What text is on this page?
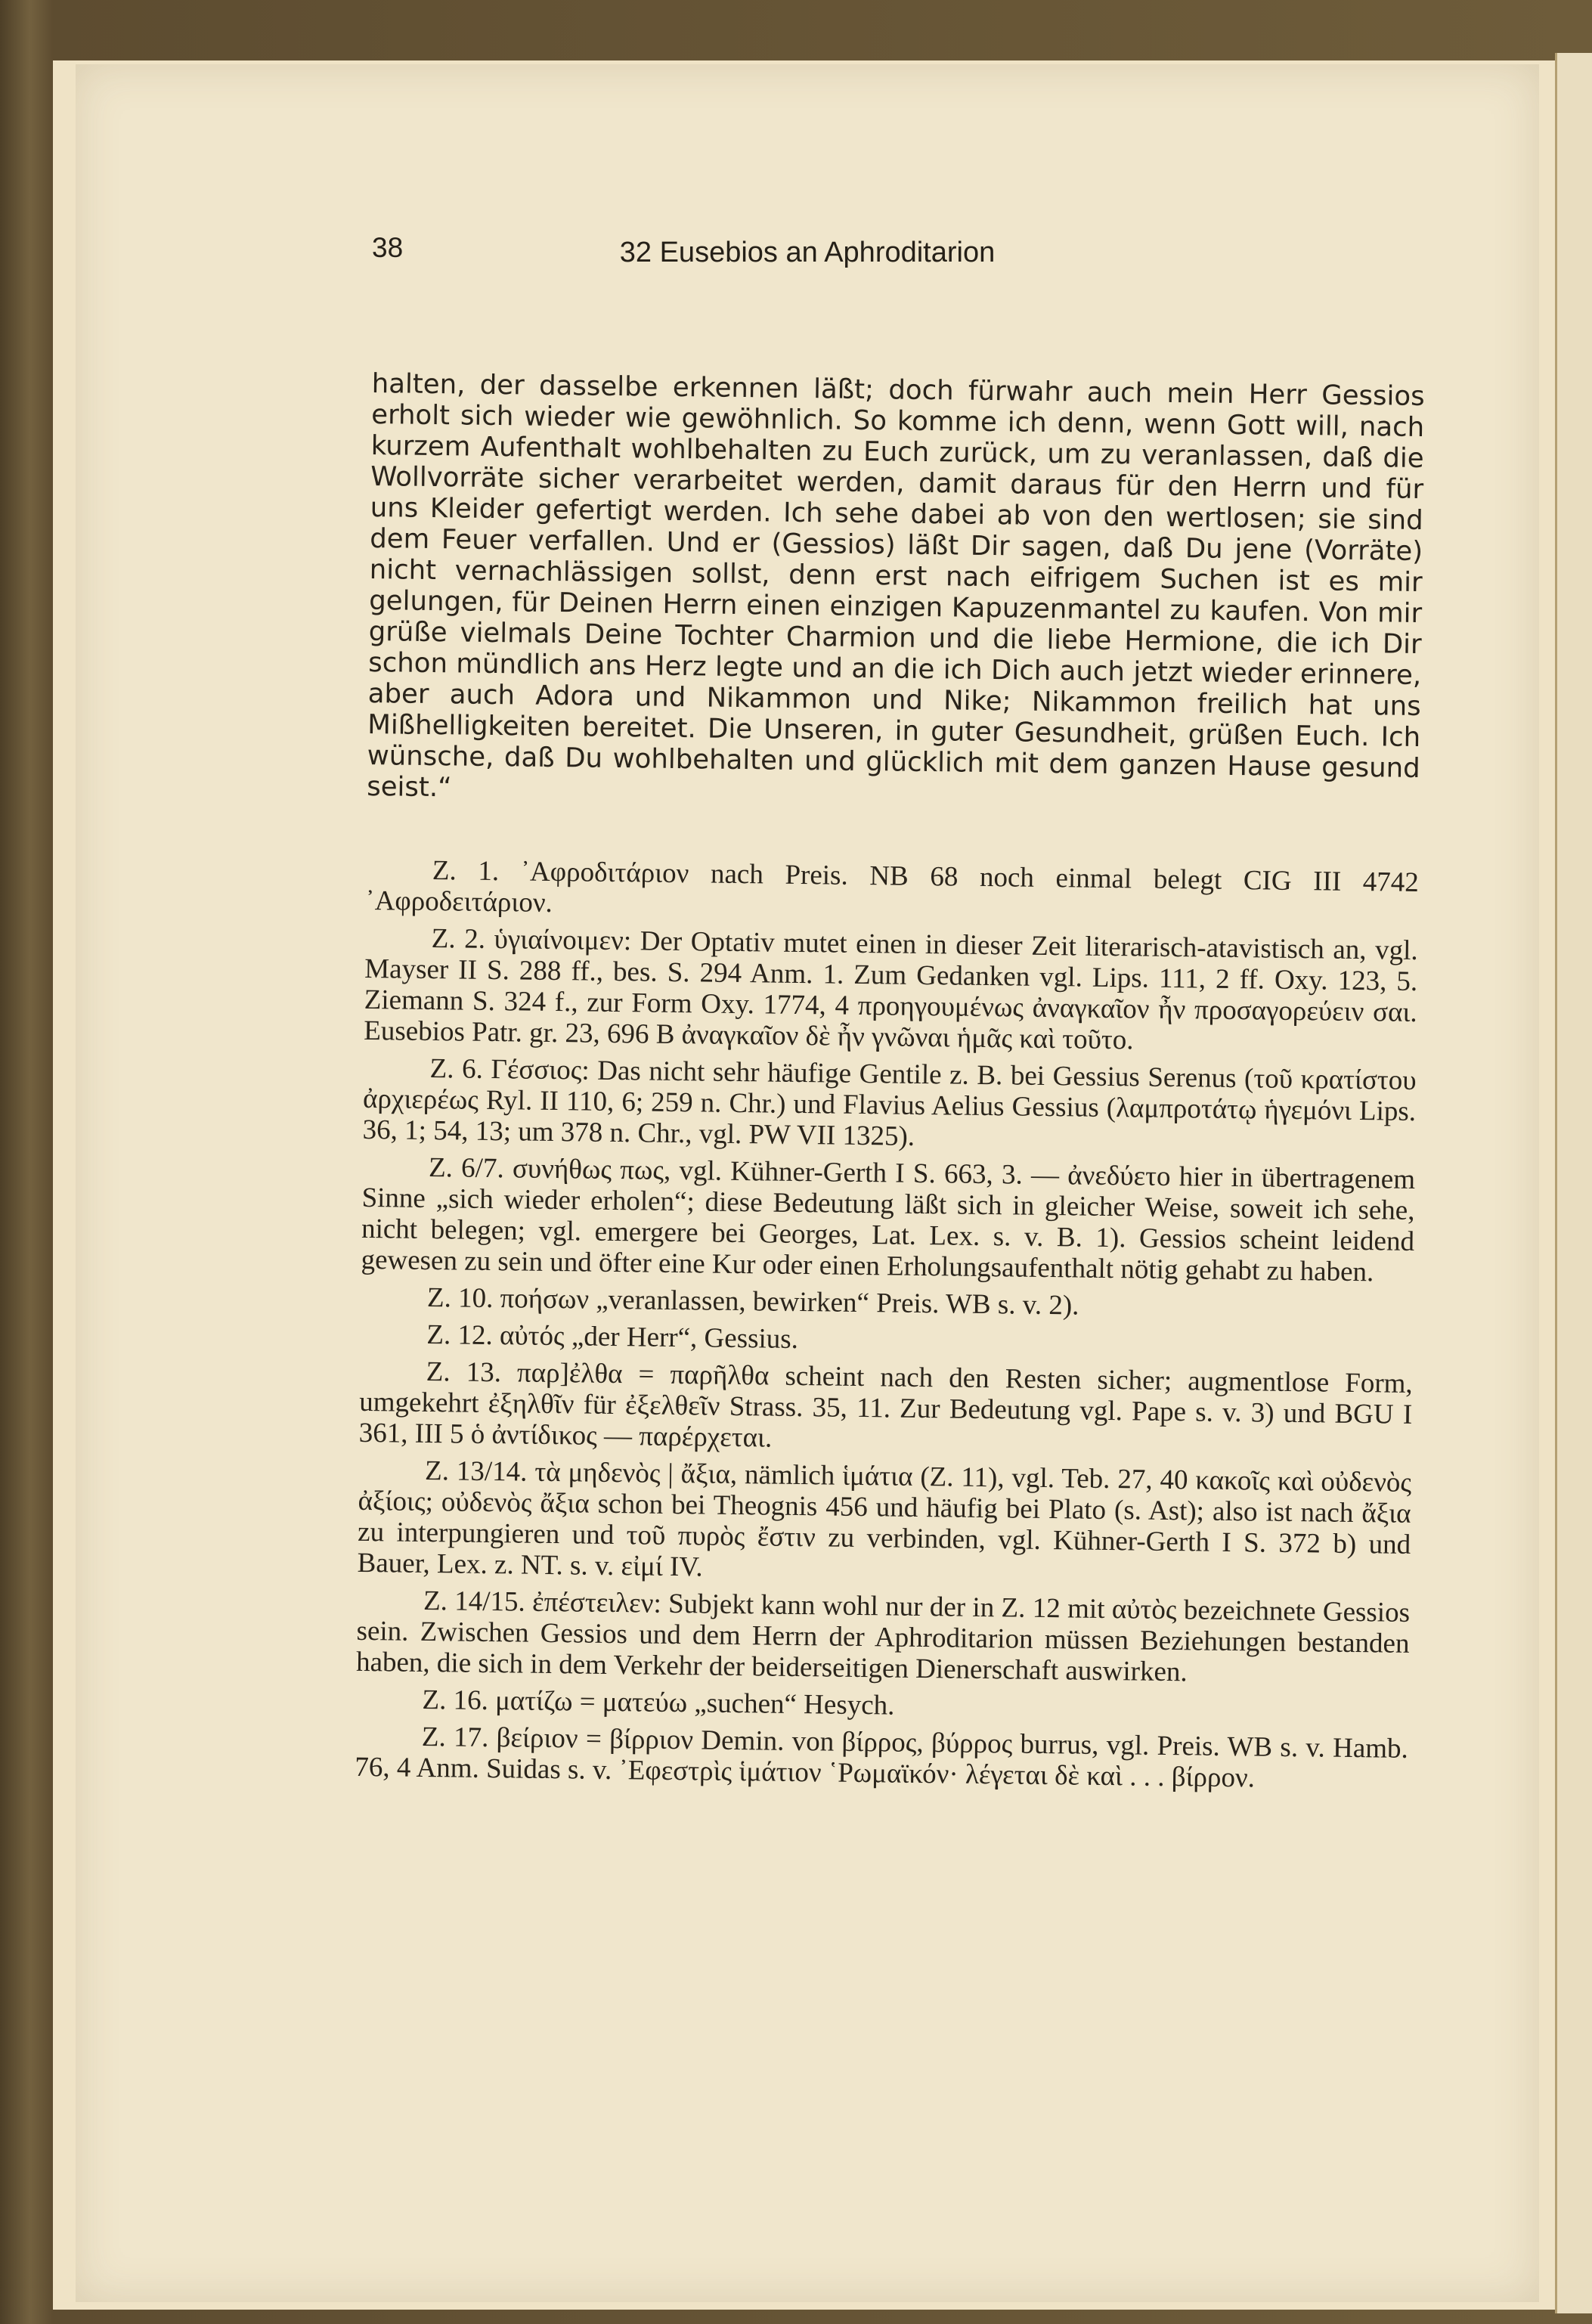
38	32 Eusebios an Aphroditarion

halten, der dasselbe erkennen läßt; doch fürwahr auch mein Herr Gessios erholt sich wieder wie gewöhnlich. So komme ich denn, wenn Gott will, nach kurzem Aufenthalt wohlbehalten zu Euch zurück, um zu veranlassen, daß die Wollvorräte sicher verarbeitet werden, damit daraus für den Herrn und für uns Kleider gefertigt werden. Ich sehe dabei ab von den wertlosen; sie sind dem Feuer verfallen. Und er (Gessios) läßt Dir sagen, daß Du jene (Vorräte) nicht vernachlässigen sollst, denn erst nach eifrigem Suchen ist es mir gelungen, für Deinen Herrn einen einzigen Kapuzenmantel zu kaufen. Von mir grüße vielmals Deine Tochter Charmion und die liebe Hermione, die ich Dir schon mündlich ans Herz legte und an die ich Dich auch jetzt wieder erinnere, aber auch Adora und Nikammon und Nike; Nikammon freilich hat uns Mißhelligkeiten bereitet. Die Unseren, in guter Gesundheit, grüßen Euch. Ich wünsche, daß Du wohlbehalten und glücklich mit dem ganzen Hause gesund seist.“

Z. 1. ᾿Αφροδιτάριον nach Preis. NB 68 noch einmal belegt CIG III 4742 ᾿Αφροδειτάριον.

Z. 2. ὑγιαίνοιμεν: Der Optativ mutet einen in dieser Zeit literarisch-atavistisch an, vgl. Mayser II S. 288 ff., bes. S. 294 Anm. 1. Zum Gedanken vgl. Lips. 111, 2 ff. Oxy. 123, 5. Ziemann S. 324 f., zur Form Oxy. 1774, 4 προηγουμένως ἀναγκαῖον ἦν προσαγορεύειν σαι. Eusebios Patr. gr. 23, 696 B ἀναγκαῖον δὲ ἦν γνῶναι ἡμᾶς καὶ τοῦτο.

Z. 6. Γέσσιος: Das nicht sehr häufige Gentile z. B. bei Gessius Serenus (τοῦ κρατίστου ἀρχιερέως Ryl. II 110, 6; 259 n. Chr.) und Flavius Aelius Gessius (λαμπροτάτῳ ἡγεμόνι Lips. 36, 1; 54, 13; um 378 n. Chr., vgl. PW VII 1325).

Z. 6/7. συνήθως πως, vgl. Kühner-Gerth I S. 663, 3. — ἀνεδύετο hier in übertragenem Sinne „sich wieder erholen“; diese Bedeutung läßt sich in gleicher Weise, soweit ich sehe, nicht belegen; vgl. emergere bei Georges, Lat. Lex. s. v. B. 1). Gessios scheint leidend gewesen zu sein und öfter eine Kur oder einen Erholungsaufenthalt nötig gehabt zu haben.

Z. 10. ποήσων „veranlassen, bewirken“ Preis. WB s. v. 2).

Z. 12. αὐτός „der Herr“, Gessius.

Z. 13. παρ]ἐλθα = παρῆλθα scheint nach den Resten sicher; augmentlose Form, umgekehrt ἐξηλθῖν für ἐξελθεῖν Strass. 35, 11. Zur Bedeutung vgl. Pape s. v. 3) und BGU I 361, III 5 ὁ ἀντίδικος — παρέρχεται.

Z. 13/14. τὰ μηδενὸς | ἄξια, nämlich ἱμάτια (Z. 11), vgl. Teb. 27, 40 κακοῖς καὶ οὐδενὸς ἀξίοις; οὐδενὸς ἄξια schon bei Theognis 456 und häufig bei Plato (s. Ast); also ist nach ἄξια zu interpungieren und τοῦ πυρὸς ἔστιν zu verbinden, vgl. Kühner-Gerth I S. 372 b) und Bauer, Lex. z. NT. s. v. εἰμί IV.

Z. 14/15. ἐπέστειλεν: Subjekt kann wohl nur der in Z. 12 mit αὐτὸς bezeichnete Gessios sein. Zwischen Gessios und dem Herrn der Aphroditarion müssen Beziehungen bestanden haben, die sich in dem Verkehr der beiderseitigen Dienerschaft auswirken.

Z. 16. ματίζω = ματεύω „suchen“ Hesych.

Z. 17. βείριον = βίρριον Demin. von βίρρος, βύρρος burrus, vgl. Preis. WB s. v. Hamb. 76, 4 Anm. Suidas s. v. ᾿Εφεστρὶς ἱμάτιον ῾Ρωμαϊκόν· λέγεται δὲ καὶ . . . βίρρον.
